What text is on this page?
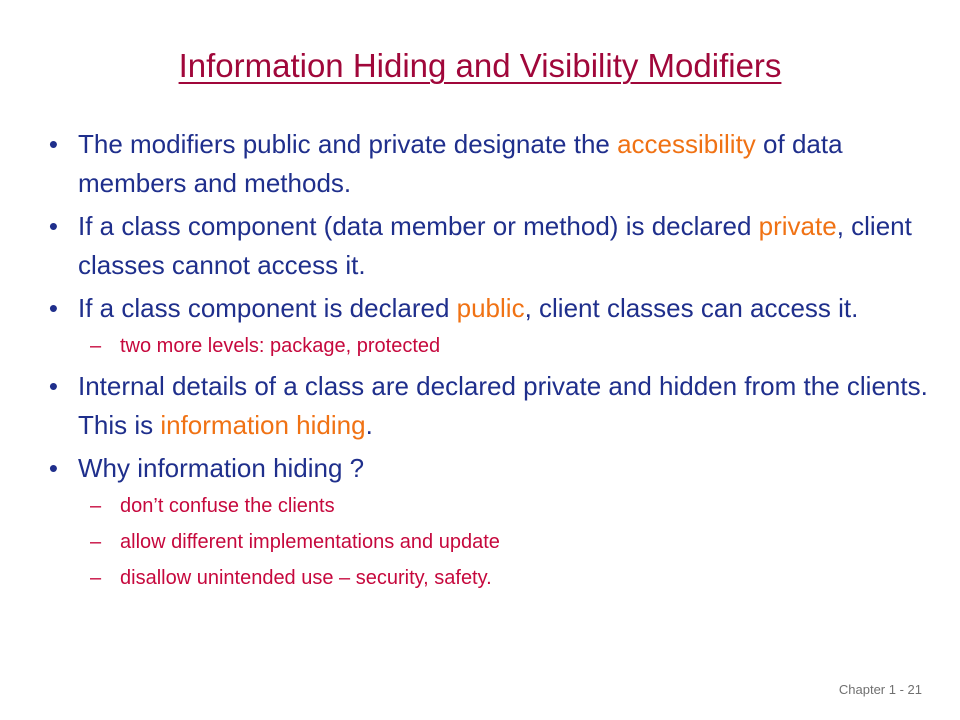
Information Hiding and Visibility Modifiers
• The modifiers public and private designate the accessibility of data members and methods.
• If a class component (data member or method) is declared private, client classes cannot access it.
• If a class component is declared public, client classes can access it.
– two more levels: package, protected
• Internal details of a class are declared private and hidden from the clients. This is information hiding.
• Why information hiding ?
– don’t confuse the clients
– allow different implementations and update
– disallow unintended use – security, safety.
Chapter 1 - 21
